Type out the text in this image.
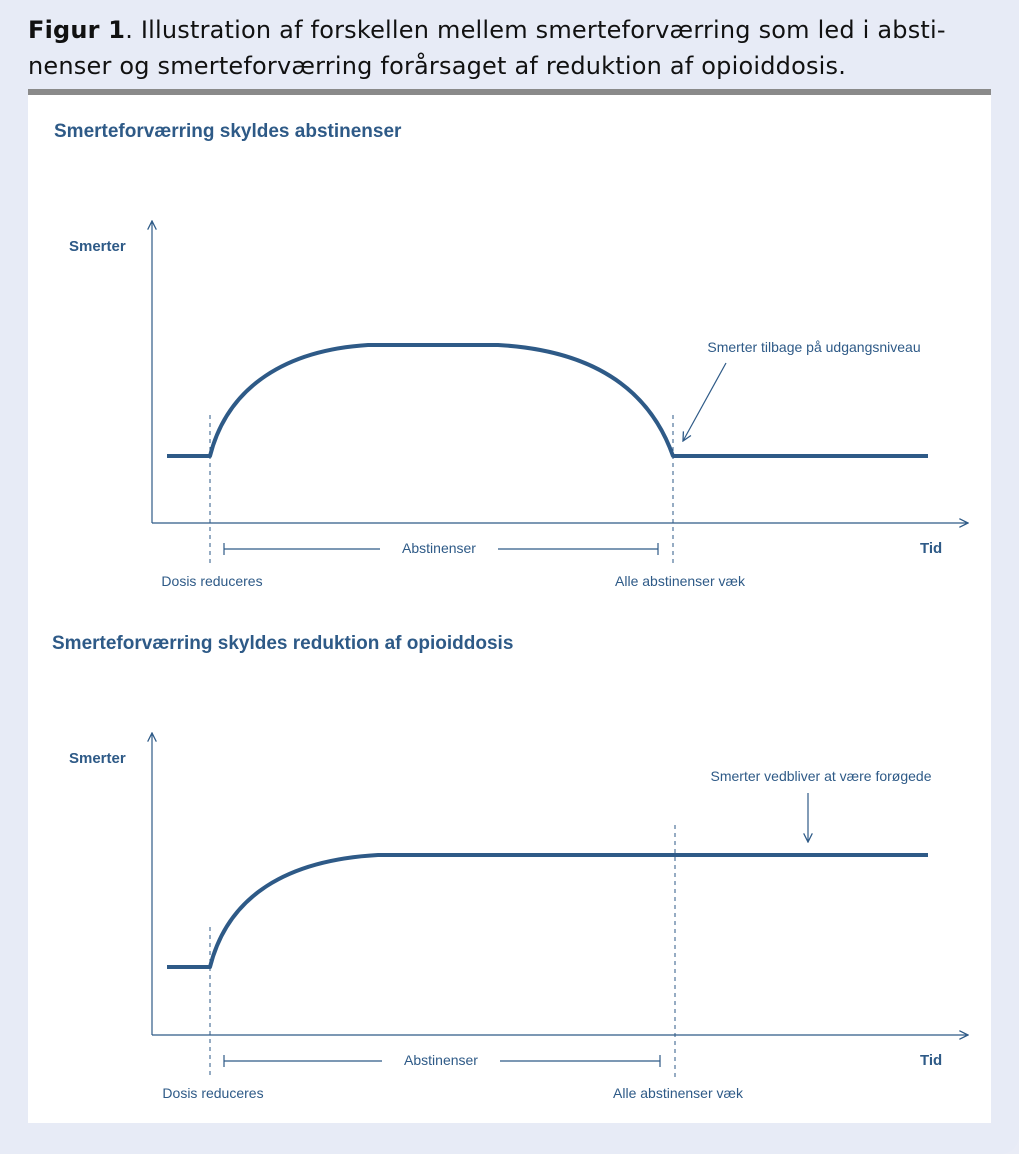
Figur 1. Illustration af forskellen mellem smerteforværring som led i absti-
nenser og smerteforværring forårsaget af reduktion af opioiddosis.
Smerteforværring skyldes abstinenser
Smerter
Tid
Abstinenser
Dosis reduceres	Alle abstinenser væk
Smerter tilbage på udgangsniveau
Smerteforværring skyldes reduktion af opioiddosis
Smerter
Tid
Abstinenser
Dosis reduceres	Alle abstinenser væk
Smerter vedbliver at være forøgede
